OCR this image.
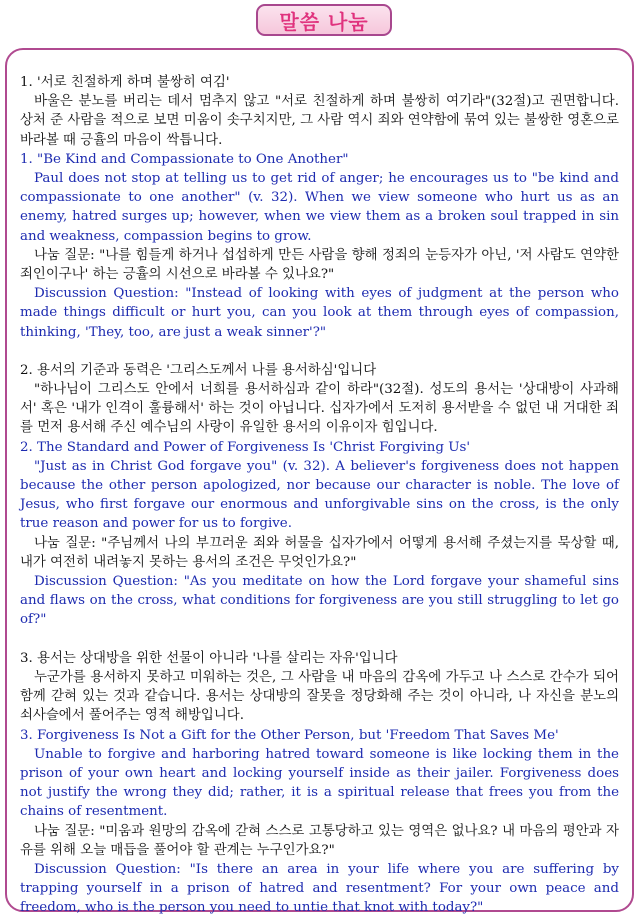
말씀 나눔

1. '서로 친절하게 하며 불쌍히 여김'

바울은 분노를 버리는 데서 멈추지 않고 "서로 친절하게 하며 불쌍히 여기라"(32절)고 권면합니다. 상처 준 사람을 적으로 보면 미움이 솟구치지만, 그 사람 역시 죄와 연약함에 묶여 있는 불쌍한 영혼으로 바라볼 때 긍휼의 마음이 싹틉니다.

1. "Be Kind and Compassionate to One Another"

Paul does not stop at telling us to get rid of anger; he encourages us to "be kind and compassionate to one another" (v. 32). When we view someone who hurt us as an enemy, hatred surges up; however, when we view them as a broken soul trapped in sin and weakness, compassion begins to grow.

나눔 질문: "나를 힘들게 하거나 섭섭하게 만든 사람을 향해 정죄의 눈등자가 아닌, '저 사람도 연약한 죄인이구나' 하는 긍휼의 시선으로 바라볼 수 있나요?"

Discussion Question: "Instead of looking with eyes of judgment at the person who made things difficult or hurt you, can you look at them through eyes of compassion, thinking, 'They, too, are just a weak sinner'?"

2. 용서의 기준과 동력은 '그리스도께서 나를 용서하심'입니다

"하나님이 그리스도 안에서 너희를 용서하심과 같이 하라"(32절). 성도의 용서는 '상대방이 사과해서' 혹은 '내가 인격이 훌륭해서' 하는 것이 아닙니다. 십자가에서 도저히 용서받을 수 없던 내 거대한 죄를 먼저 용서해 주신 예수님의 사랑이 유일한 용서의 이유이자 힘입니다.

2. The Standard and Power of Forgiveness Is 'Christ Forgiving Us'

"Just as in Christ God forgave you" (v. 32). A believer's forgiveness does not happen because the other person apologized, nor because our character is noble. The love of Jesus, who first forgave our enormous and unforgivable sins on the cross, is the only true reason and power for us to forgive.

나눔 질문: "주님께서 나의 부끄러운 죄와 허물을 십자가에서 어떻게 용서해 주셨는지를 묵상할 때, 내가 여전히 내려놓지 못하는 용서의 조건은 무엇인가요?"

Discussion Question: "As you meditate on how the Lord forgave your shameful sins and flaws on the cross, what conditions for forgiveness are you still struggling to let go of?"

3. 용서는 상대방을 위한 선물이 아니라 '나를 살리는 자유'입니다

누군가를 용서하지 못하고 미워하는 것은, 그 사람을 내 마음의 감옥에 가두고 나 스스로 간수가 되어 함께 갇혀 있는 것과 같습니다. 용서는 상대방의 잘못을 정당화해 주는 것이 아니라, 나 자신을 분노의 쇠사슬에서 풀어주는 영적 해방입니다.

3. Forgiveness Is Not a Gift for the Other Person, but 'Freedom That Saves Me'

Unable to forgive and harboring hatred toward someone is like locking them in the prison of your own heart and locking yourself inside as their jailer. Forgiveness does not justify the wrong they did; rather, it is a spiritual release that frees you from the chains of resentment.

나눔 질문: "미움과 원망의 감옥에 갇혀 스스로 고통당하고 있는 영역은 없나요? 내 마음의 평안과 자유를 위해 오늘 매듭을 풀어야 할 관계는 누구인가요?"

Discussion Question: "Is there an area in your life where you are suffering by trapping yourself in a prison of hatred and resentment? For your own peace and freedom, who is the person you need to untie that knot with today?"
